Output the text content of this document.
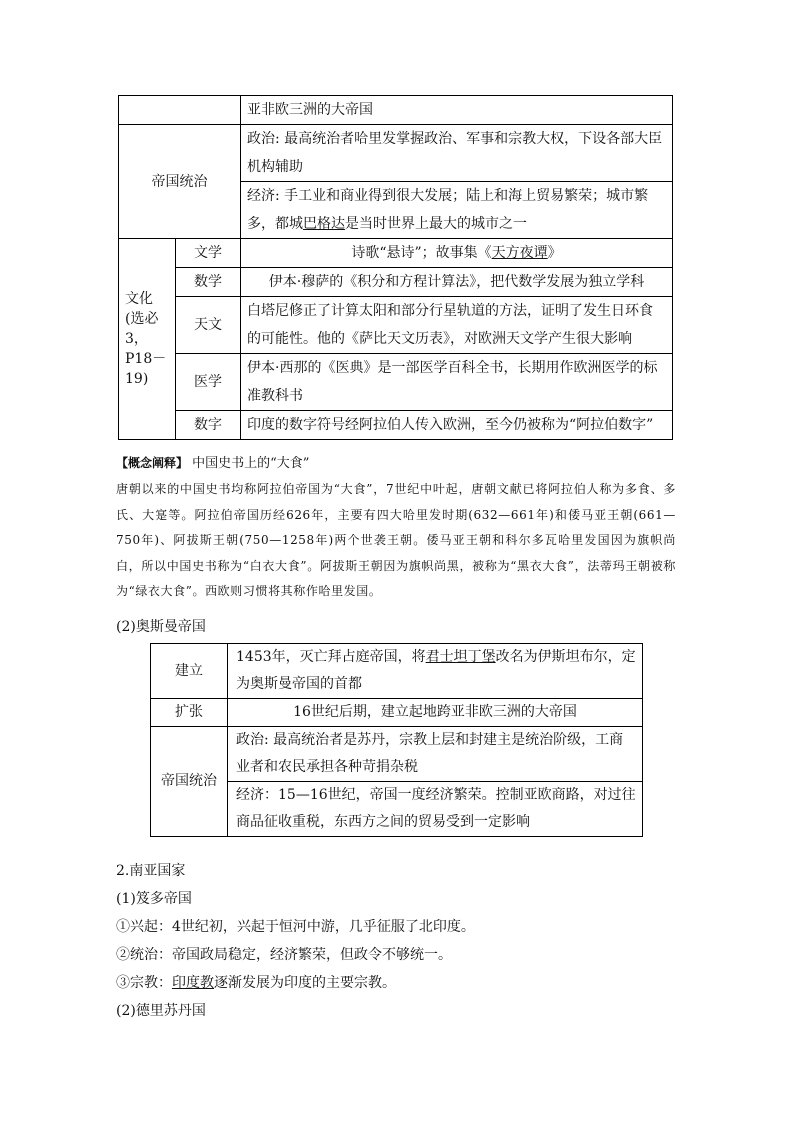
		亚非欧三洲的大帝国
帝国统治		政治: 最高统治者哈里发掌握政治、军事和宗教大权，下设各部大臣机构辅助
		经济: 手工业和商业得到很大发展；陆上和海上贸易繁荣；城市繁多，都城巴格达是当时世界上最大的城市之一
文化(选必 3，P18－19)	文学	诗歌“悬诗”；故事集《天方夜谭》
	数学	伊本·穆萨的《积分和方程计算法》，把代数学发展为独立学科
	天文	白塔尼修正了计算太阳和部分行星轨道的方法，证明了发生日环食的可能性。他的《萨比天文历表》，对欧洲天文学产生很大影响
	医学	伊本·西那的《医典》是一部医学百科全书，长期用作欧洲医学的标准教科书
	数字	印度的数字符号经阿拉伯人传入欧洲，至今仍被称为“阿拉伯数字”
【概念阐释】 中国史书上的“大食”
唐朝以来的中国史书均称阿拉伯帝国为“大食”，7世纪中叶起，唐朝文献已将阿拉伯人称为多食、多氏、大寔等。阿拉伯帝国历经626年，主要有四大哈里发时期(632—661年)和倭马亚王朝(661—750年)、阿拔斯王朝(750—1258年)两个世袭王朝。倭马亚王朝和科尔多瓦哈里发国因为旗帜尚白，所以中国史书称为“白衣大食”。阿拔斯王朝因为旗帜尚黑，被称为“黑衣大食”，法蒂玛王朝被称为“绿衣大食”。西欧则习惯将其称作哈里发国。
(2)奥斯曼帝国
建立	1453年，灭亡拜占庭帝国，将君士坦丁堡改名为伊斯坦布尔，定为奥斯曼帝国的首都
扩张	16世纪后期，建立起地跨亚非欧三洲的大帝国
帝国统治	政治: 最高统治者是苏丹，宗教上层和封建主是统治阶级，工商业者和农民承担各种苛捐杂税
	经济：15—16世纪，帝国一度经济繁荣。控制亚欧商路，对过往商品征收重税，东西方之间的贸易受到一定影响
2.南亚国家
(1)笈多帝国
①兴起：4世纪初，兴起于恒河中游，几乎征服了北印度。
②统治：帝国政局稳定，经济繁荣，但政令不够统一。
③宗教：印度教逐渐发展为印度的主要宗教。
(2)德里苏丹国
